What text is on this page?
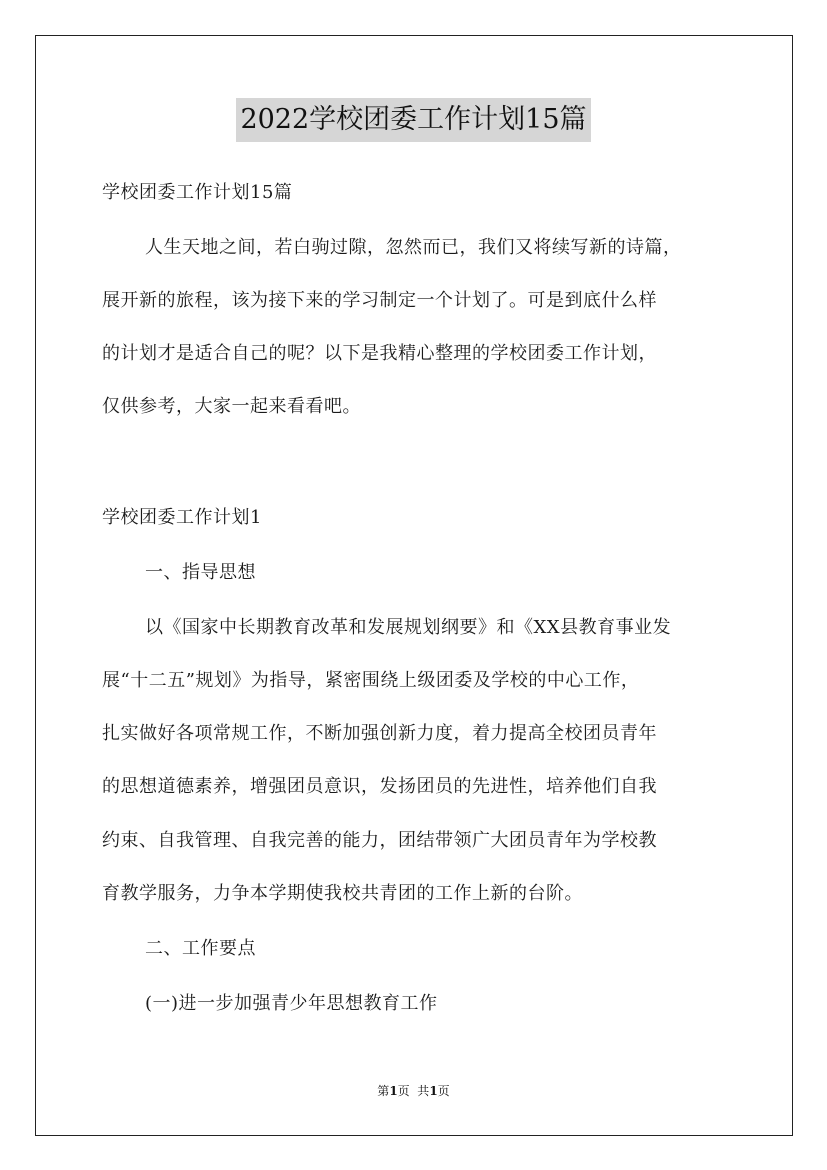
2022学校团委工作计划15篇
学校团委工作计划15篇
人生天地之间，若白驹过隙，忽然而已，我们又将续写新的诗篇，
展开新的旅程，该为接下来的学习制定一个计划了。可是到底什么样
的计划才是适合自己的呢？以下是我精心整理的学校团委工作计划，
仅供参考，大家一起来看看吧。
学校团委工作计划1
一、指导思想
以《国家中长期教育改革和发展规划纲要》和《XX县教育事业发
展“十二五”规划》为指导，紧密围绕上级团委及学校的中心工作，
扎实做好各项常规工作，不断加强创新力度，着力提高全校团员青年
的思想道德素养，增强团员意识，发扬团员的先进性，培养他们自我
约束、自我管理、自我完善的能力，团结带领广大团员青年为学校教
育教学服务，力争本学期使我校共青团的工作上新的台阶。
二、工作要点
(一)进一步加强青少年思想教育工作
第1页  共1页
